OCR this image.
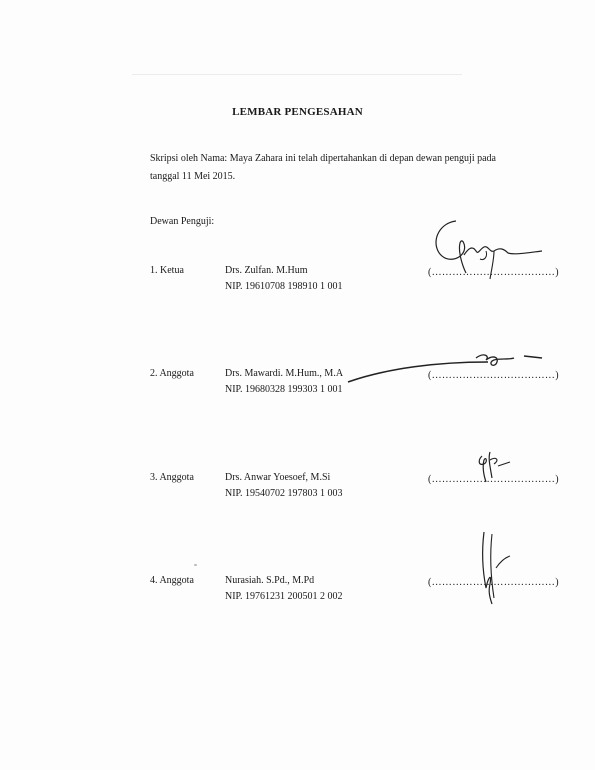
LEMBAR PENGESAHAN
Skripsi oleh Nama: Maya Zahara ini telah dipertahankan di depan dewan penguji pada
tanggal 11 Mei 2015.
Dewan Penguji:
1. Ketua	Drs. Zulfan. M.Hum
NIP. 19610708 198910 1 001
(………………………………)
2. Anggota	Drs. Mawardi. M.Hum., M.A
NIP. 19680328 199303 1 001
(………………………………)
3. Anggota	Drs. Anwar Yoesoef, M.Si
NIP. 19540702 197803 1 003
(………………………………)
4. Anggota	Nurasiah. S.Pd., M.Pd
NIP. 19761231 200501 2 002
(………………………………)
